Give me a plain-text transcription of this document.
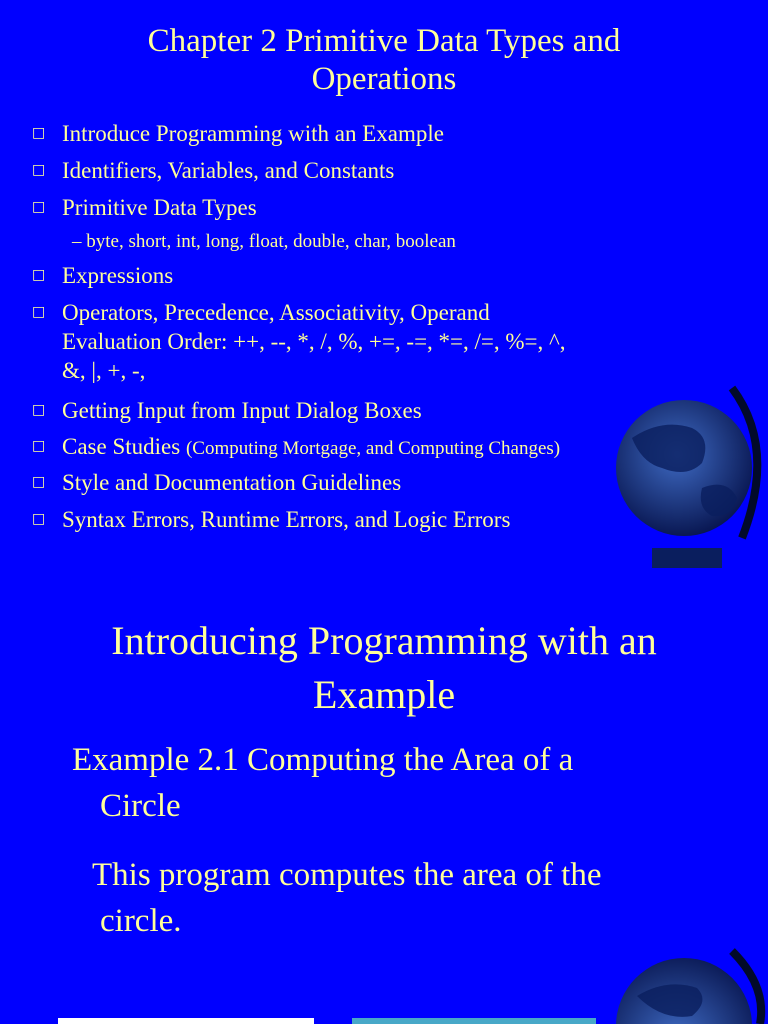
Chapter 2 Primitive Data Types and
Operations
□ Introduce Programming with an Example
□ Identifiers, Variables, and Constants
□ Primitive Data Types
– byte, short, int, long, float, double, char, boolean
□ Expressions
□ Operators, Precedence, Associativity, Operand
Evaluation Order: ++, --, *, /, %, +=, -=, *=, /=, %=, ^,
&, |, +, -,
□ Getting Input from Input Dialog Boxes
□ Case Studies (Computing Mortgage, and Computing Changes)
□ Style and Documentation Guidelines
□ Syntax Errors, Runtime Errors, and Logic Errors
Introducing Programming with an
Example
Example 2.1 Computing the Area of a
Circle
This program computes the area of the
circle.
